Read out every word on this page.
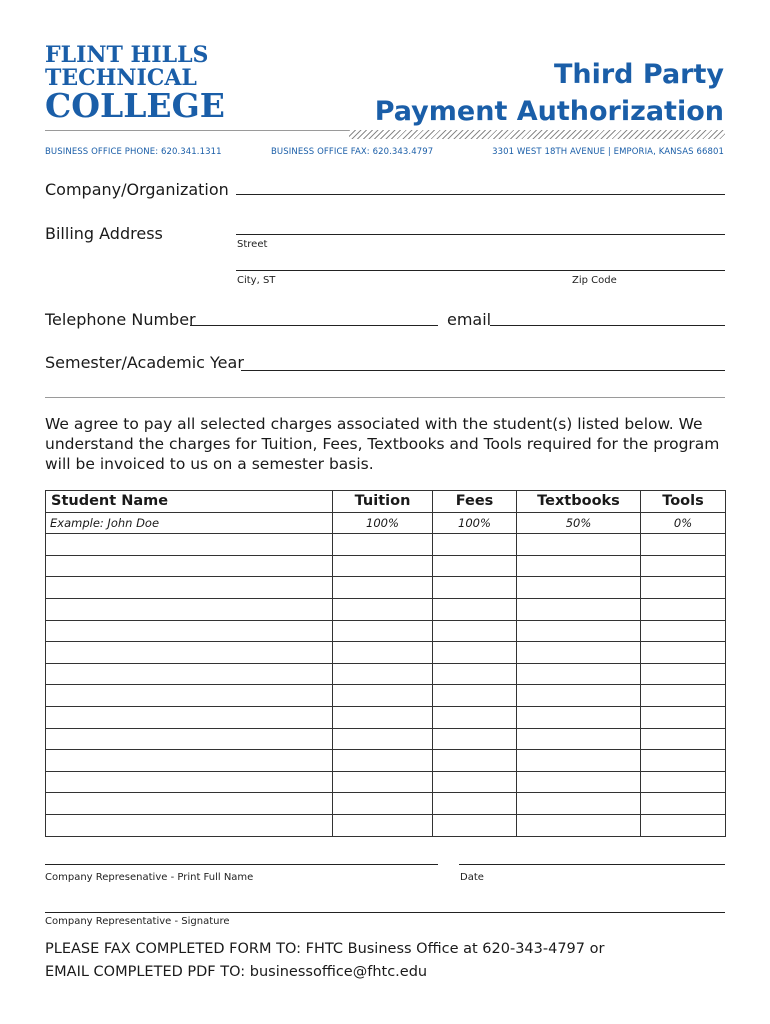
FLINT HILLS
TECHNICAL
COLLEGE
Third Party
Payment Authorization
BUSINESS OFFICE PHONE: 620.341.1311	BUSINESS OFFICE FAX: 620.343.4797	3301 WEST 18TH AVENUE | EMPORIA, KANSAS 66801
Company/Organization
Billing Address
Street
City, ST	Zip Code
Telephone Number	email
Semester/Academic Year
We agree to pay all selected charges associated with the student(s) listed below. We understand the charges for Tuition, Fees, Textbooks and Tools required for the program will be invoiced to us on a semester basis.
Student Name	Tuition	Fees	Textbooks	Tools
Example: John Doe	100%	100%	50%	0%

Company Represenative - Print Full Name	Date
Company Representative - Signature
PLEASE FAX COMPLETED FORM TO: FHTC Business Office at 620-343-4797 or
EMAIL COMPLETED PDF TO: businessoffice@fhtc.edu
